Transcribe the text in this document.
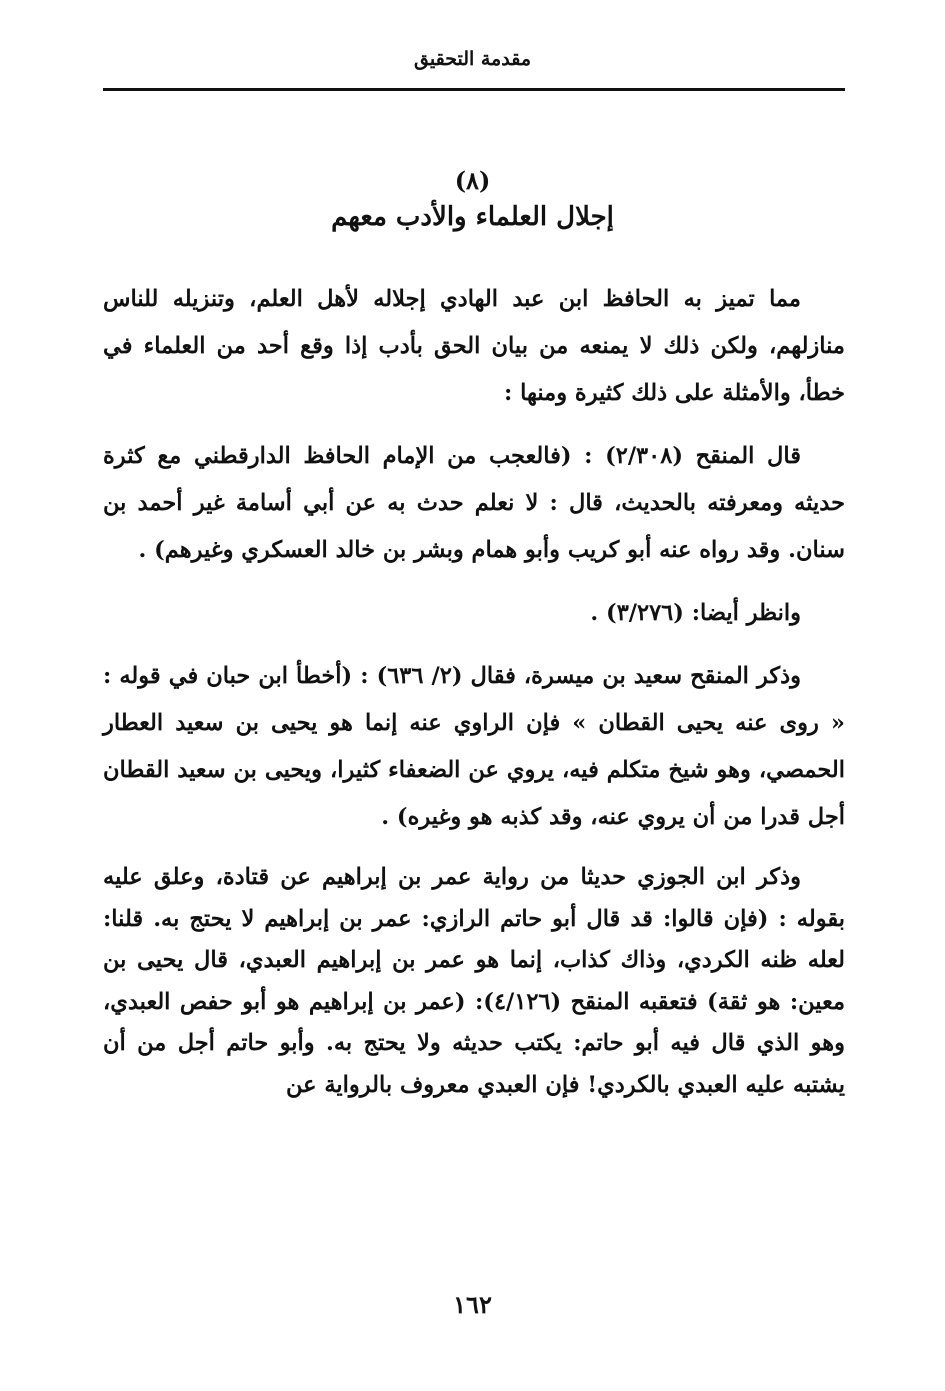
مقدمة التحقيق
(٨)
إجلال العلماء والأدب معهم

مما تميز به الحافظ ابن عبد الهادي إجلاله لأهل العلم، وتنزيله للناس منازلهم، ولكن ذلك لا يمنعه من بيان الحق بأدب إذا وقع أحد من العلماء في خطأ، والأمثلة على ذلك كثيرة ومنها :

قال المنقح (٢/٣٠٨) : (فالعجب من الإمام الحافظ الدارقطني مع كثرة حديثه ومعرفته بالحديث، قال : لا نعلم حدث به عن أبي أسامة غير أحمد بن سنان. وقد رواه عنه أبو كريب وأبو همام وبشر بن خالد العسكري وغيرهم) .

وانظر أيضا: (٣/٢٧٦) .

وذكر المنقح سعيد بن ميسرة، فقال (٢/ ٦٣٦) : (أخطأ ابن حبان في قوله : « روى عنه يحيى القطان » فإن الراوي عنه إنما هو يحيى بن سعيد العطار الحمصي، وهو شيخ متكلم فيه، يروي عن الضعفاء كثيرا، ويحيى بن سعيد القطان أجل قدرا من أن يروي عنه، وقد كذبه هو وغيره) .

وذكر ابن الجوزي حديثا من رواية عمر بن إبراهيم عن قتادة، وعلق عليه بقوله : (فإن قالوا: قد قال أبو حاتم الرازي: عمر بن إبراهيم لا يحتج به. قلنا: لعله ظنه الكردي، وذاك كذاب، إنما هو عمر بن إبراهيم العبدي، قال يحيى بن معين: هو ثقة) فتعقبه المنقح (٤/١٢٦): (عمر بن إبراهيم هو أبو حفص العبدي، وهو الذي قال فيه أبو حاتم: يكتب حديثه ولا يحتج به. وأبو حاتم أجل من أن يشتبه عليه العبدي بالكردي! فإن العبدي معروف بالرواية عن

١٦٢
